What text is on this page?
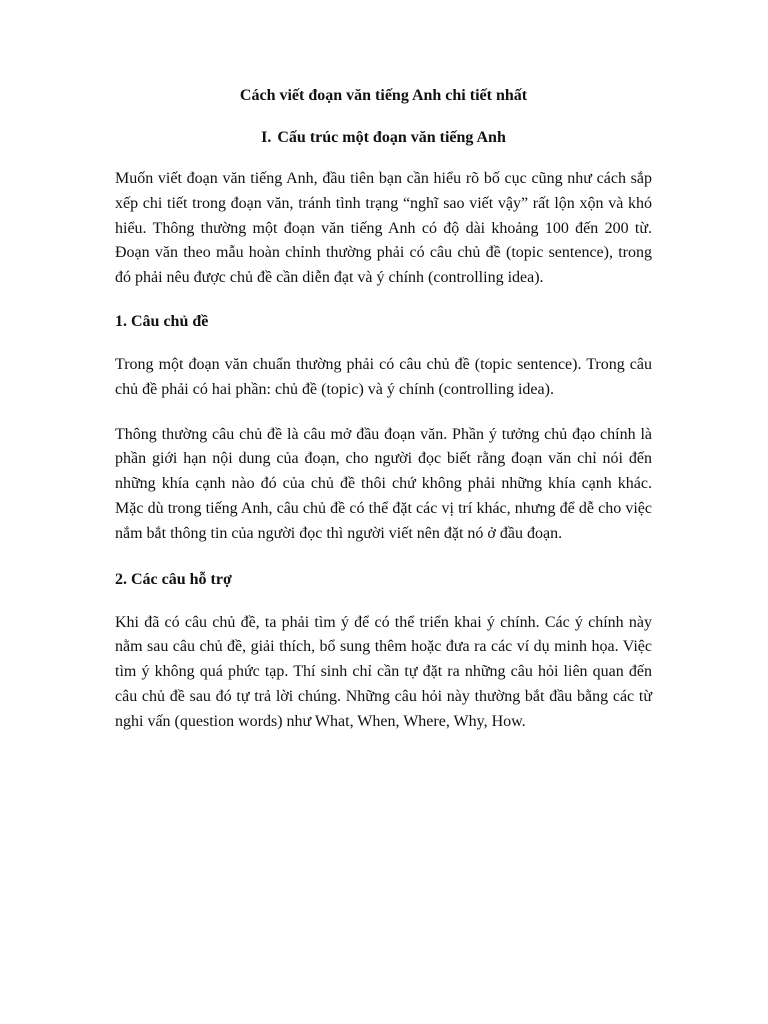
Cách viết đoạn văn tiếng Anh chi tiết nhất
I. Cấu trúc một đoạn văn tiếng Anh

Muốn viết đoạn văn tiếng Anh, đầu tiên bạn cần hiểu rõ bố cục cũng như cách sắp xếp chi tiết trong đoạn văn, tránh tình trạng “nghĩ sao viết vậy” rất lộn xộn và khó hiểu. Thông thường một đoạn văn tiếng Anh có độ dài khoảng 100 đến 200 từ. Đoạn văn theo mẫu hoàn chỉnh thường phải có câu chủ đề (topic sentence), trong đó phải nêu được chủ đề cần diễn đạt và ý chính (controlling idea).

1. Câu chủ đề

Trong một đoạn văn chuẩn thường phải có câu chủ đề (topic sentence). Trong câu chủ đề phải có hai phần: chủ đề (topic) và ý chính (controlling idea).

Thông thường câu chủ đề là câu mở đầu đoạn văn. Phần ý tưởng chủ đạo chính là phần giới hạn nội dung của đoạn, cho người đọc biết rằng đoạn văn chỉ nói đến những khía cạnh nào đó của chủ đề thôi chứ không phải những khía cạnh khác. Mặc dù trong tiếng Anh, câu chủ đề có thể đặt các vị trí khác, nhưng để dễ cho việc nắm bắt thông tin của người đọc thì người viết nên đặt nó ở đầu đoạn.

2. Các câu hỗ trợ

Khi đã có câu chủ đề, ta phải tìm ý để có thể triển khai ý chính. Các ý chính này nằm sau câu chủ đề, giải thích, bổ sung thêm hoặc đưa ra các ví dụ minh họa. Việc tìm ý không quá phức tạp. Thí sinh chỉ cần tự đặt ra những câu hỏi liên quan đến câu chủ đề sau đó tự trả lời chúng. Những câu hỏi này thường bắt đầu bằng các từ nghi vấn (question words) như What, When, Where, Why, How.
